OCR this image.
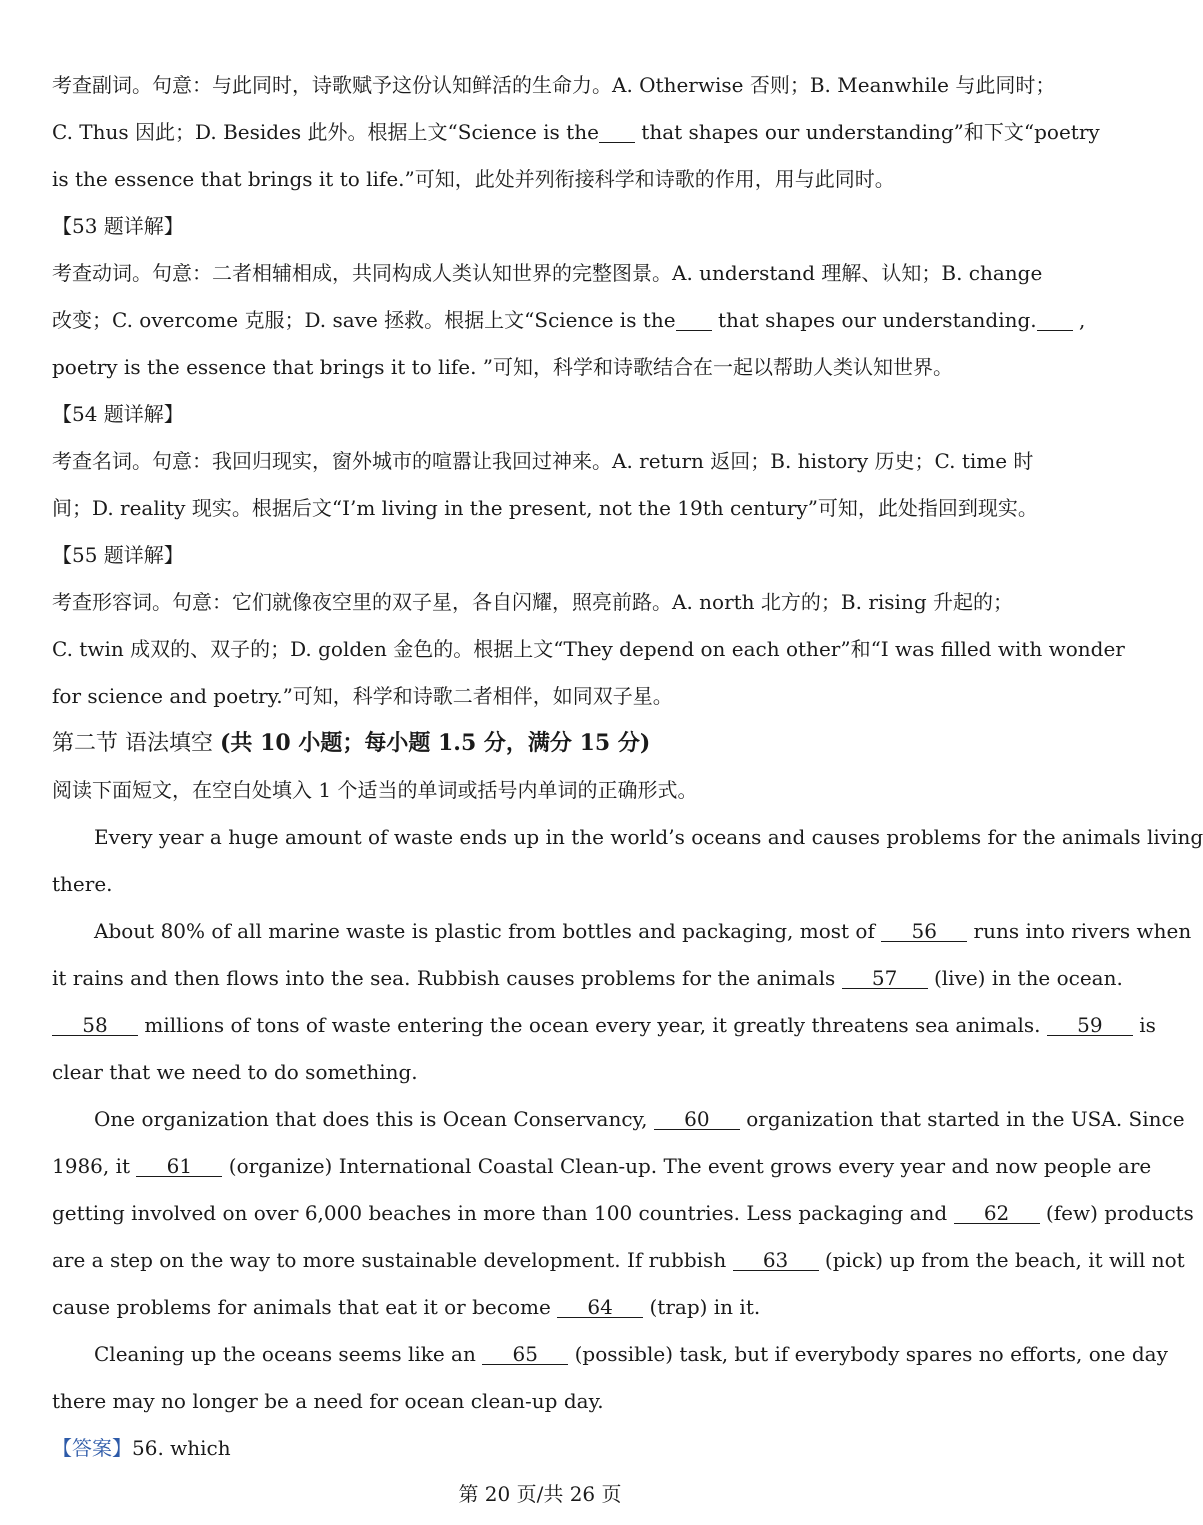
考查副词。句意：与此同时，诗歌赋予这份认知鲜活的生命力。A. Otherwise 否则；B. Meanwhile 与此同时；
C. Thus 因此；D. Besides 此外。根据上文“Science is the that shapes our understanding”和下文“poetry
is the essence that brings it to life.”可知，此处并列衔接科学和诗歌的作用，用与此同时。
【53 题详解】
考查动词。句意：二者相辅相成，共同构成人类认知世界的完整图景。A. understand 理解、认知；B. change
改变；C. overcome 克服；D. save 拯救。根据上文“Science is the that shapes our understanding.  ,
poetry is the essence that brings it to life. ”可知，科学和诗歌结合在一起以帮助人类认知世界。
【54 题详解】
考查名词。句意：我回归现实，窗外城市的喧嚣让我回过神来。A. return 返回；B. history 历史；C. time 时
间；D. reality 现实。根据后文“I’m living in the present, not the 19th century”可知，此处指回到现实。
【55 题详解】
考查形容词。句意：它们就像夜空里的双子星，各自闪耀，照亮前路。A. north 北方的；B. rising 升起的；
C. twin 成双的、双子的；D. golden 金色的。根据上文“They depend on each other”和“I was filled with wonder
for science and poetry.”可知，科学和诗歌二者相伴，如同双子星。
第二节 语法填空 (共 10 小题；每小题 1.5 分，满分 15 分)
阅读下面短文，在空白处填入 1 个适当的单词或括号内单词的正确形式。
Every year a huge amount of waste ends up in the world’s oceans and causes problems for the animals living
there.
About 80% of all marine waste is plastic from bottles and packaging, most of 56 runs into rivers when
it rains and then flows into the sea. Rubbish causes problems for the animals 57 (live) in the ocean.
58 millions of tons of waste entering the ocean every year, it greatly threatens sea animals. 59 is
clear that we need to do something.
One organization that does this is Ocean Conservancy, 60 organization that started in the USA. Since
1986, it 61 (organize) International Coastal Clean-up. The event grows every year and now people are
getting involved on over 6,000 beaches in more than 100 countries. Less packaging and 62 (few) products
are a step on the way to more sustainable development. If rubbish 63 (pick) up from the beach, it will not
cause problems for animals that eat it or become 64 (trap) in it.
Cleaning up the oceans seems like an 65 (possible) task, but if everybody spares no efforts, one day
there may no longer be a need for ocean clean-up day.
【答案】56. which
第 20 页/共 26 页
